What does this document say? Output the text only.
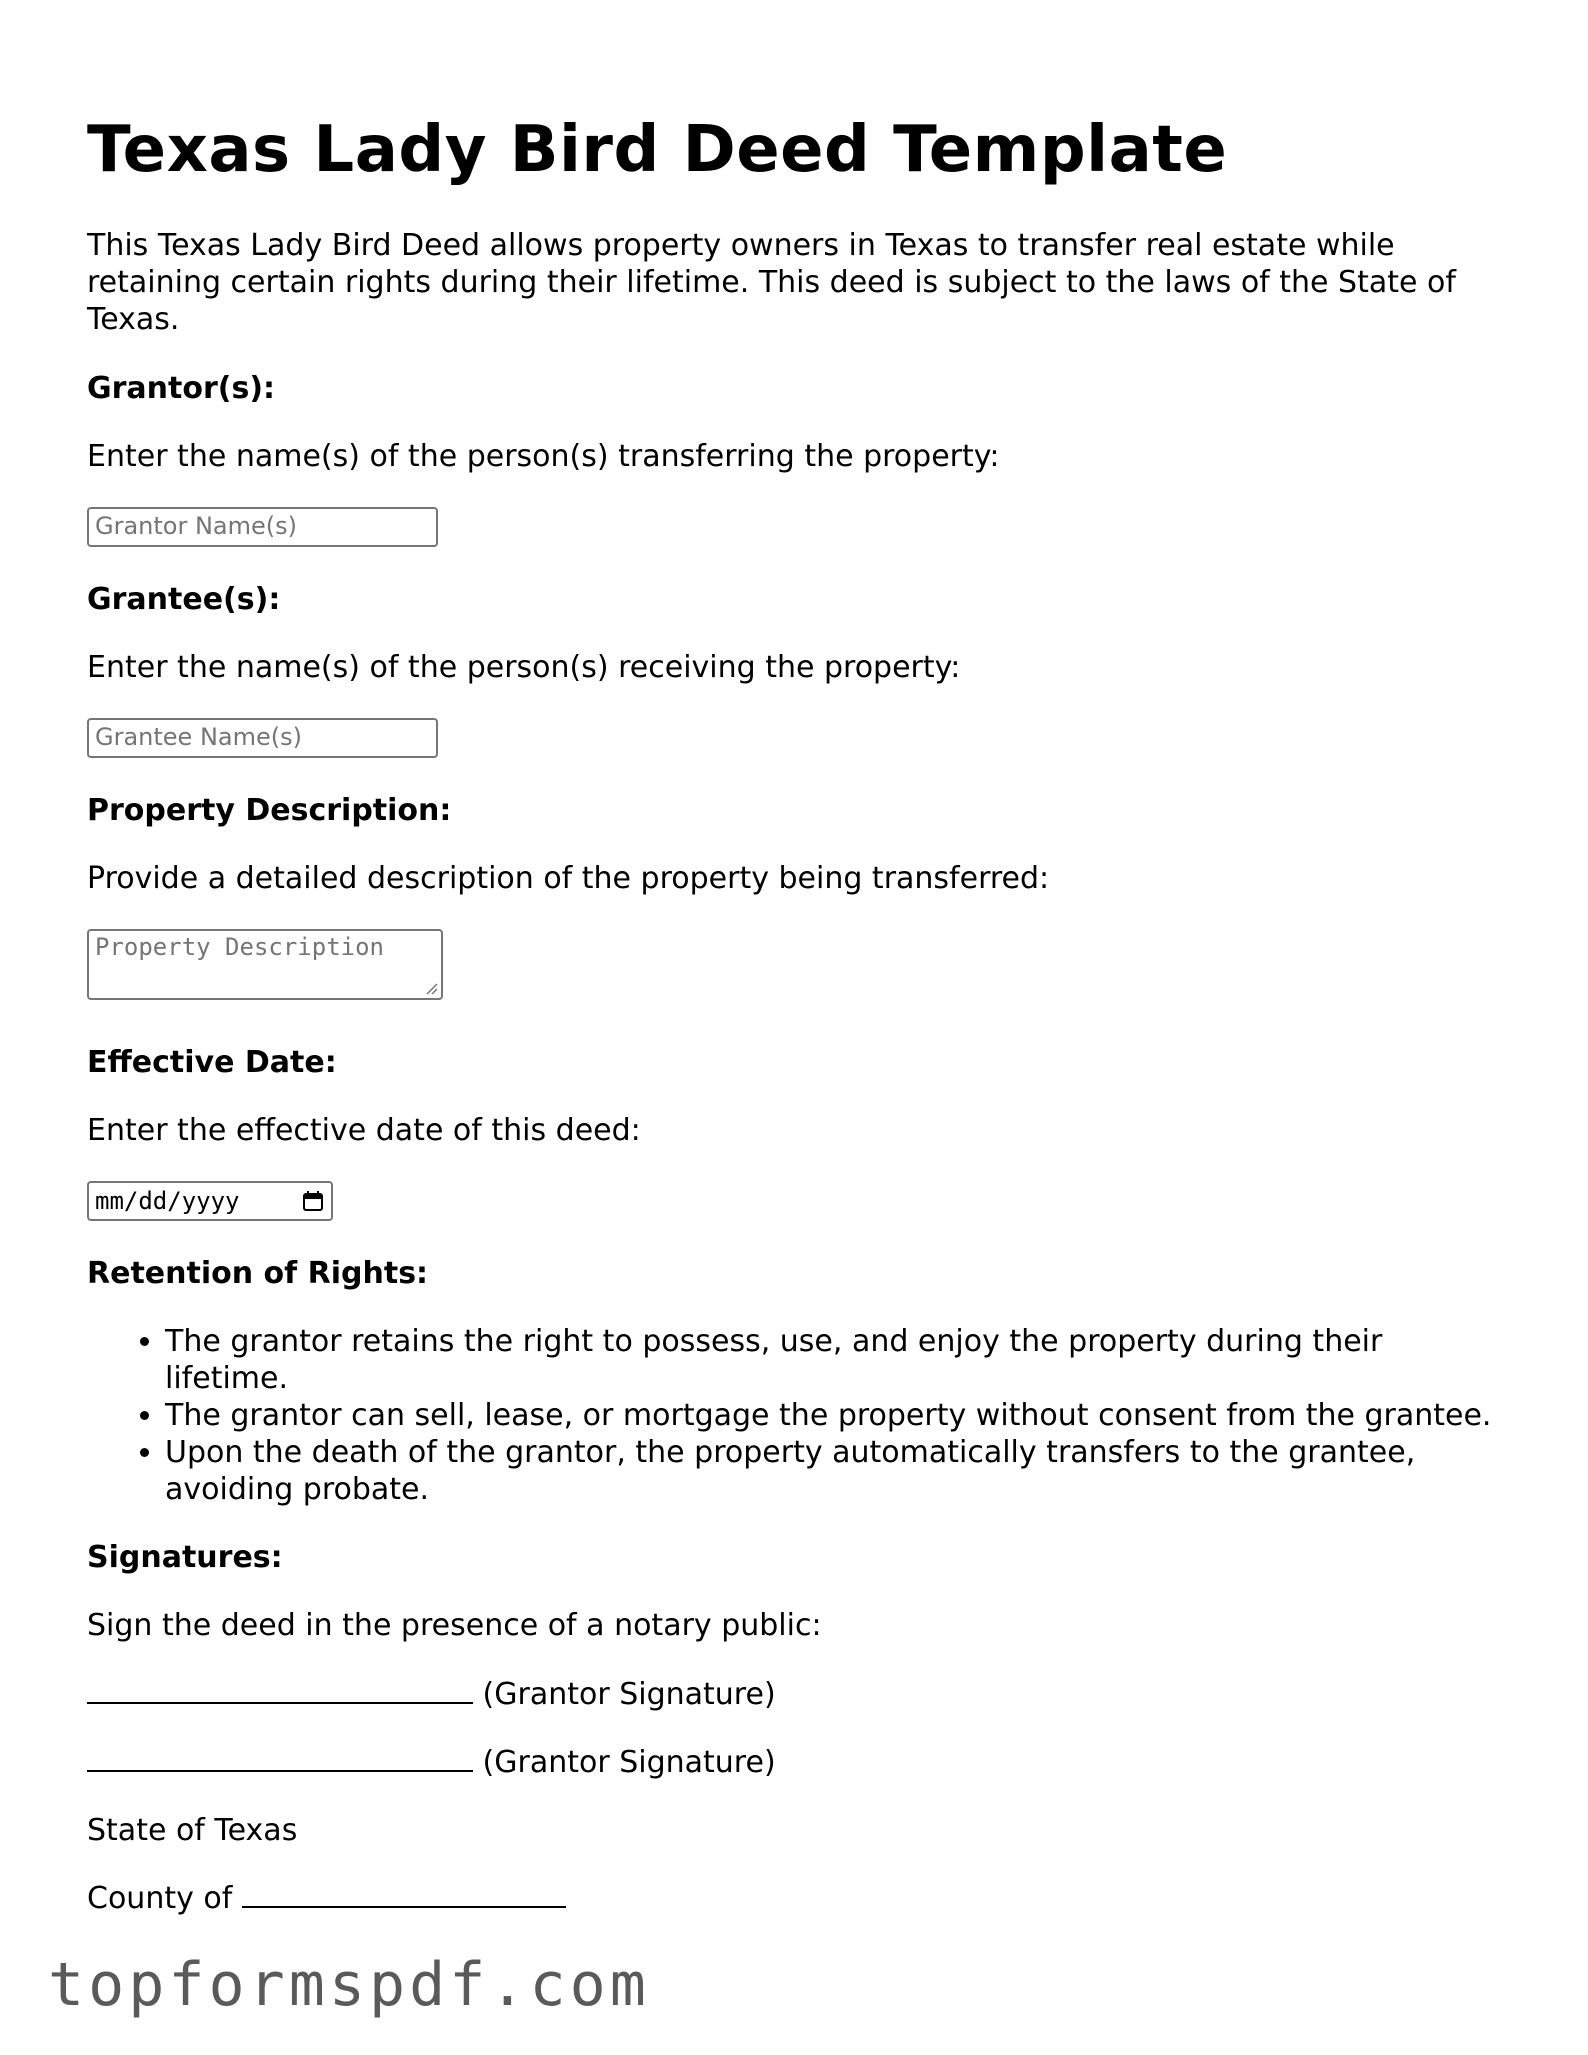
Texas Lady Bird Deed Template

This Texas Lady Bird Deed allows property owners in Texas to transfer real estate while retaining certain rights during their lifetime. This deed is subject to the laws of the State of Texas.

Grantor(s):

Enter the name(s) of the person(s) transferring the property:

Grantor Name(s)

Grantee(s):

Enter the name(s) of the person(s) receiving the property:

Grantee Name(s)

Property Description:

Provide a detailed description of the property being transferred:

Property Description

Effective Date:

Enter the effective date of this deed:

mm/dd/yyyy

Retention of Rights:

• The grantor retains the right to possess, use, and enjoy the property during their lifetime.
• The grantor can sell, lease, or mortgage the property without consent from the grantee.
• Upon the death of the grantor, the property automatically transfers to the grantee, avoiding probate.

Signatures:

Sign the deed in the presence of a notary public:

(Grantor Signature)

(Grantor Signature)

State of Texas

County of

topformspdf.com
